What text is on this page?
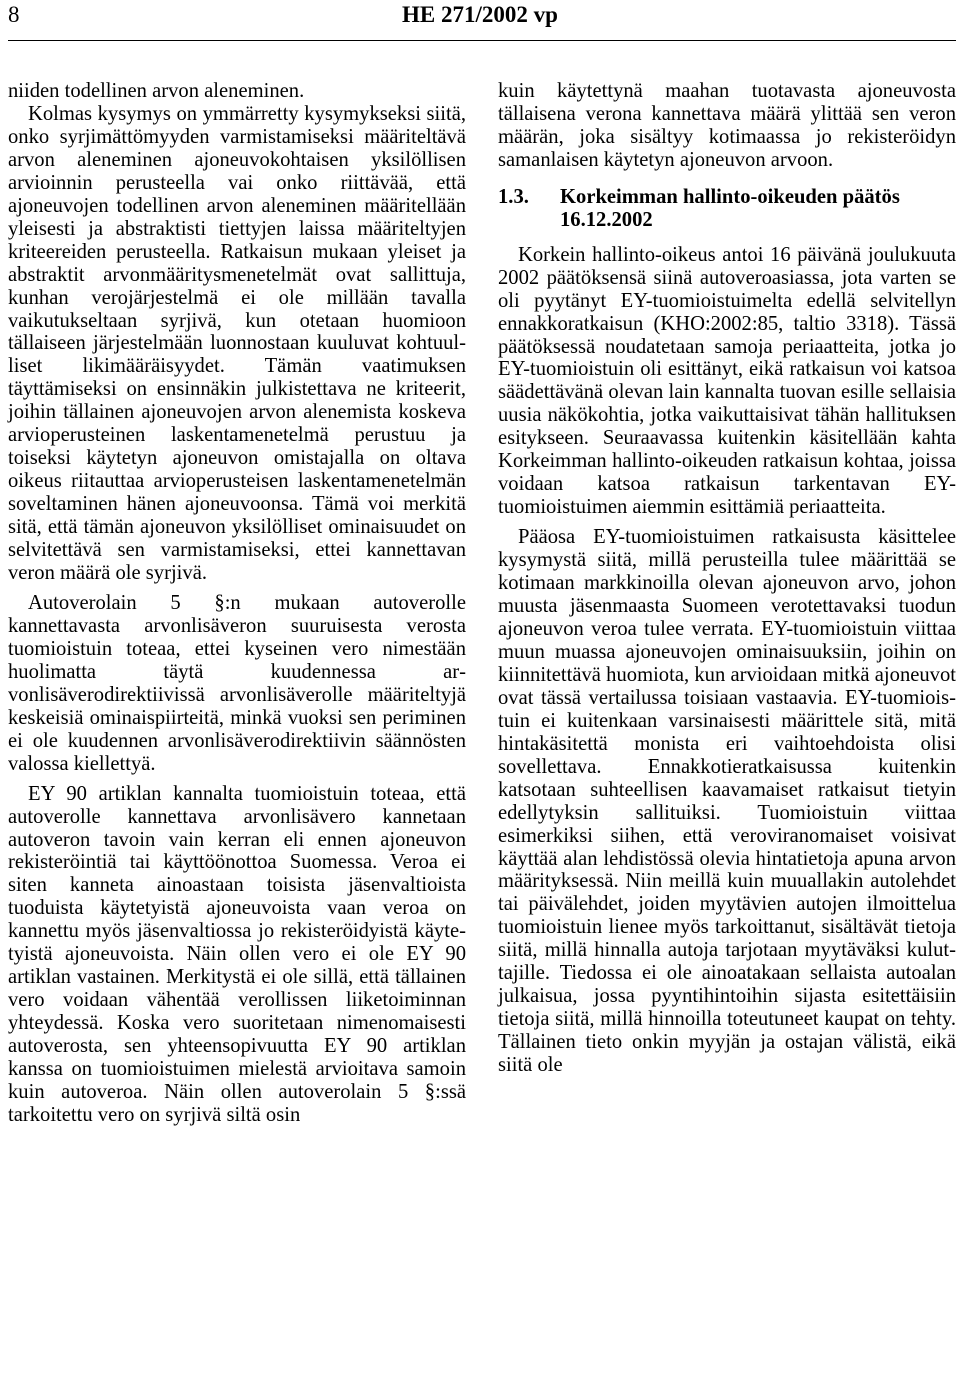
8	HE 271/2002 vp

niiden todellinen arvon aleneminen.

Kolmas kysymys on ymmärretty kysymykseksi siitä, onko syrjimättömyyden varmistamiseksi määriteltävä arvon aleneminen ajoneuvokohtaisen yksilöllisen arvioinnin perusteella vai onko riittävää, että ajoneuvojen todellinen arvon aleneminen määritellään yleisesti ja abstraktisti tiettyjen laissa määriteltyjen kriteereiden perusteella. Ratkaisun mukaan yleiset ja abstraktit arvonmääritysmenetelmät ovat sallittuja, kunhan verojärjestelmä ei ole millään tavalla vaikutukseltaan syrjivä, kun otetaan huomioon tällaiseen järjestelmään luonnostaan kuuluvat kohtuulliset likimääräisyydet. Tämän vaatimuksen täyttämiseksi on ensinnäkin julkistettava ne kriteerit, joihin tällainen ajoneuvojen arvon alenemista koskeva arvioperusteinen laskentamenetelmä perustuu ja toiseksi käytetyn ajoneuvon omistajalla on oltava oikeus riitauttaa arvioperusteisen laskentamenetelmän soveltaminen hänen ajoneuvoonsa. Tämä voi merkitä sitä, että tämän ajoneuvon yksilölliset ominaisuudet on selvitettävä sen varmistamiseksi, ettei kannettavan veron määrä ole syrjivä.

Autoverolain 5 §:n mukaan autoverolle kannettavasta arvonlisäveron suuruisesta verosta tuomioistuin toteaa, ettei kyseinen vero nimestään huolimatta täytä kuudennessa arvonlisäverodirektiivissä arvonlisäverolle määriteltyjä keskeisiä ominaispiirteitä, minkä vuoksi sen periminen ei ole kuudennen arvonlisäverodirektiivin säännösten valossa kiellettyä.

EY 90 artiklan kannalta tuomioistuin toteaa, että autoverolle kannettava arvonlisävero kannetaan autoveron tavoin vain kerran eli ennen ajoneuvon rekisteröintiä tai käyttöönottoa Suomessa. Veroa ei siten kanneta ainoastaan toisista jäsenvaltioista tuoduista käytetyistä ajoneuvoista vaan veroa on kannettu myös jäsenvaltiossa jo rekisteröidyistä käytetyistä ajoneuvoista. Näin ollen vero ei ole EY 90 artiklan vastainen. Merkitystä ei ole sillä, että tällainen vero voidaan vähentää verollissen liiketoiminnan yhteydessä. Koska vero suoritetaan nimenomaisesti autoverosta, sen yhteensopivuutta EY 90 artiklan kanssa on tuomioistuimen mielestä arvioitava samoin kuin autoveroa. Näin ollen autoverolain 5 §:ssä tarkoitettu vero on syrjivä siltä osin

kuin käytettynä maahan tuotavasta ajoneuvosta tällaisena verona kannettava määrä ylittää sen veron määrän, joka sisältyy kotimaassa jo rekisteröidyn samanlaisen käytetyn ajoneuvon arvoon.

1.3.	Korkeimman hallinto-oikeuden päätös 16.12.2002

Korkein hallinto-oikeus antoi 16 päivänä joulukuuta 2002 päätöksensä siinä autoveroasiassa, jota varten se oli pyytänyt EY-tuomioistuimelta edellä selvitellyn ennakkoratkaisun (KHO:2002:85, taltio 3318). Tässä päätöksessä noudatetaan samoja periaatteita, jotka jo EY-tuomioistuin oli esittänyt, eikä ratkaisun voi katsoa säädettävänä olevan lain kannalta tuovan esille sellaisia uusia näkökohtia, jotka vaikuttaisivat tähän hallituksen esitykseen. Seuraavassa kuitenkin käsitellään kahta Korkeimman hallinto-oikeuden ratkaisun kohtaa, joissa voidaan katsoa ratkaisun tarkentavan EY-tuomioistuimen aiemmin esittämiä periaatteita.

Pääosa EY-tuomioistuimen ratkaisusta käsittelee kysymystä siitä, millä perusteilla tulee määrittää se kotimaan markkinoilla olevan ajoneuvon arvo, johon muusta jäsenmaasta Suomeen verotettavaksi tuodun ajoneuvon veroa tulee verrata. EY-tuomioistuin viittaa muun muassa ajoneuvojen ominaisuuksiin, joihin on kiinnitettävä huomiota, kun arvioidaan mitkä ajoneuvot ovat tässä vertailussa toisiaan vastaavia. EY-tuomioistuin ei kuitenkaan varsinaisesti määrittele sitä, mitä hintakäsitettä monista eri vaihtoehdoista olisi sovellettava. Ennakkotieratkaisussa kuitenkin katsotaan suhteellisen kaavamaiset ratkaisut tietyin edellytyksin sallituiksi. Tuomioistuin viittaa esimerkiksi siihen, että veroviranomaiset voisivat käyttää alan lehdistössä olevia hintatietoja apuna arvon määrityksessä. Niin meillä kuin muuallakin autolehdet tai päivälehdet, joiden myytävien autojen ilmoittelua tuomioistuin lienee myös tarkoittanut, sisältävät tietoja siitä, millä hinnalla autoja tarjotaan myytäväksi kuluttajille. Tiedossa ei ole ainoatakaan sellaista autoalan julkaisua, jossa pyyntihintoihin sijasta esitettäisiin tietoja siitä, millä hinnoilla toteutuneet kaupat on tehty. Tällainen tieto onkin myyjän ja ostajan välistä, eikä siitä ole
